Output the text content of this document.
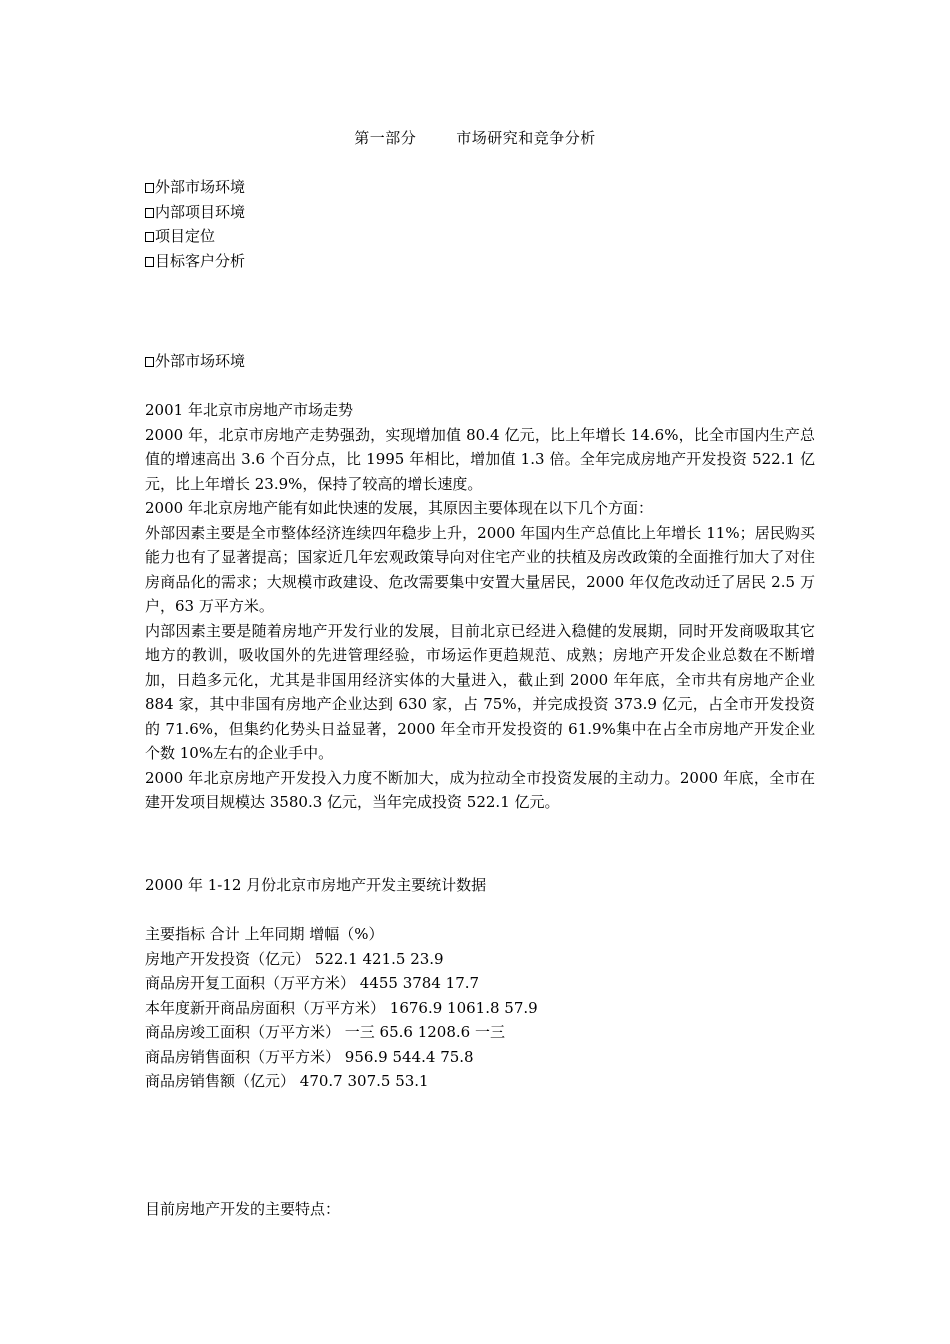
第一部分	市场研究和竞争分析
外部市场环境
内部项目环境
项目定位
目标客户分析
外部市场环境
2001 年北京市房地产市场走势
2000 年，北京市房地产走势强劲，实现增加值 80.4 亿元，比上年增长 14.6%，比全市国内生产总值的增速高出 3.6 个百分点，比 1995 年相比，增加值 1.3 倍。全年完成房地产开发投资 522.1 亿元，比上年增长 23.9%，保持了较高的增长速度。
2000 年北京房地产能有如此快速的发展，其原因主要体现在以下几个方面：
外部因素主要是全市整体经济连续四年稳步上升，2000 年国内生产总值比上年增长 11%；居民购买能力也有了显著提高；国家近几年宏观政策导向对住宅产业的扶植及房改政策的全面推行加大了对住房商品化的需求；大规模市政建设、危改需要集中安置大量居民，2000 年仅危改动迁了居民 2.5 万户，63 万平方米。
内部因素主要是随着房地产开发行业的发展，目前北京已经进入稳健的发展期，同时开发商吸取其它地方的教训，吸收国外的先进管理经验，市场运作更趋规范、成熟；房地产开发企业总数在不断增加，日趋多元化，尤其是非国用经济实体的大量进入，截止到 2000 年年底，全市共有房地产企业 884 家，其中非国有房地产企业达到 630 家，占 75%，并完成投资 373.9 亿元，占全市开发投资的 71.6%，但集约化势头日益显著，2000 年全市开发投资的 61.9%集中在占全市房地产开发企业个数 10%左右的企业手中。
2000 年北京房地产开发投入力度不断加大，成为拉动全市投资发展的主动力。2000 年底，全市在建开发项目规模达 3580.3 亿元，当年完成投资 522.1 亿元。
2000 年 1-12 月份北京市房地产开发主要统计数据
主要指标 合计 上年同期 增幅（%）
房地产开发投资（亿元） 522.1 421.5 23.9
商品房开复工面积（万平方米） 4455 3784 17.7
本年度新开商品房面积（万平方米） 1676.9 1061.8 57.9
商品房竣工面积（万平方米） 一三 65.6 1208.6 一三
商品房销售面积（万平方米） 956.9 544.4 75.8
商品房销售额（亿元） 470.7 307.5 53.1
目前房地产开发的主要特点：
